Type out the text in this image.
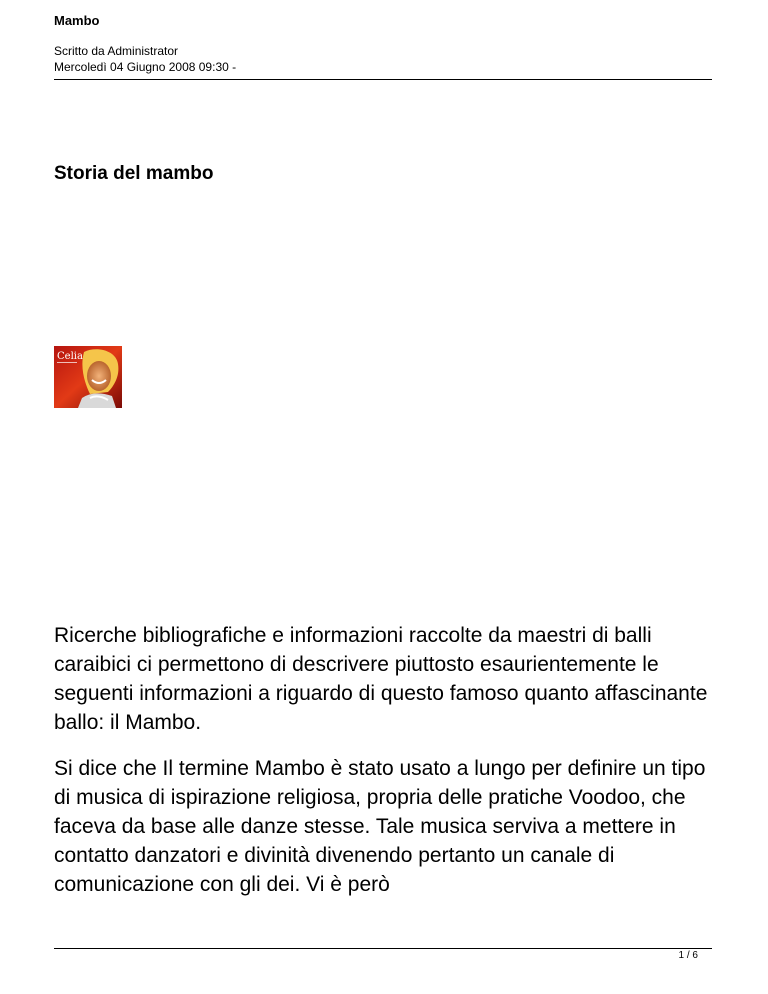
Mambo
Scritto da Administrator
Mercoledì 04 Giugno 2008 09:30 -
Storia del mambo
Celia

Ricerche bibliografiche e informazioni raccolte da maestri di balli caraibici ci permettono di descrivere piuttosto esaurientemente le seguenti informazioni a riguardo di questo famoso quanto affascinante ballo: il Mambo.

Si dice che Il termine Mambo è stato usato a lungo per definire un tipo di musica di ispirazione religiosa, propria delle pratiche Voodoo, che faceva da base alle danze stesse. Tale musica serviva a mettere in contatto danzatori e divinità divenendo pertanto un canale di comunicazione con gli dei. Vi è però

1 / 6
